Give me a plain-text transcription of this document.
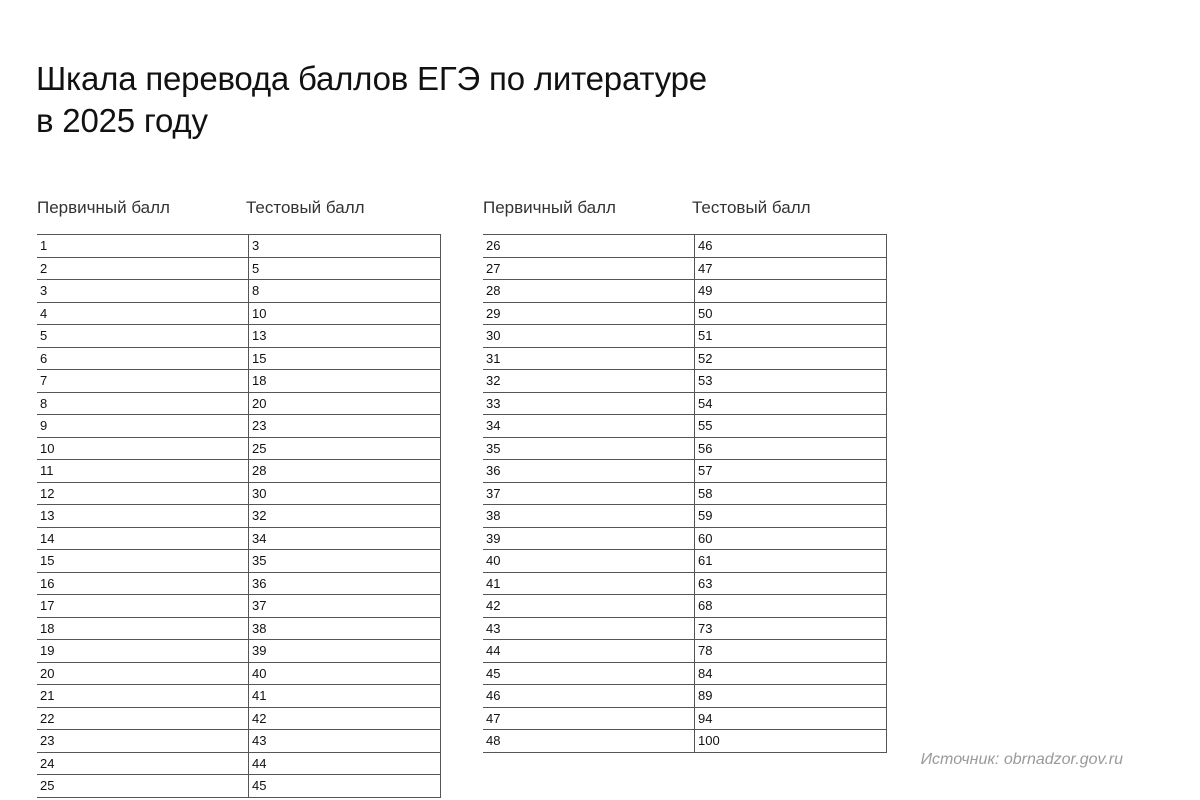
Шкала перевода баллов ЕГЭ по литературе
в 2025 году
Первичный балл	Тестовый балл
1	3
2	5
3	8
4	10
5	13
6	15
7	18
8	20
9	23
10	25
11	28
12	30
13	32
14	34
15	35
16	36
17	37
18	38
19	39
20	40
21	41
22	42
23	43
24	44
25	45
Первичный балл	Тестовый балл
26	46
27	47
28	49
29	50
30	51
31	52
32	53
33	54
34	55
35	56
36	57
37	58
38	59
39	60
40	61
41	63
42	68
43	73
44	78
45	84
46	89
47	94
48	100
Источник: obrnadzor.gov.ru
